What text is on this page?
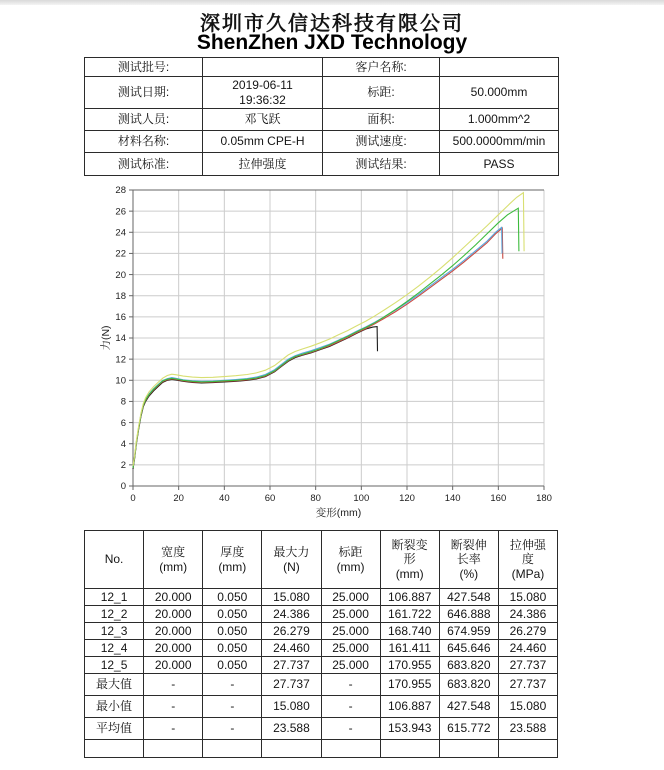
深圳市久信达科技有限公司
ShenZhen JXD Technology
测试批号:		客户名称:	
测试日期:	2019-06-11
19:36:32	标距:	50.000mm
测试人员:	邓飞跃	面积:	1.000mm^2
材料名称:	0.05mm CPE-H	测试速度:	500.0000mm/min
测试标准:	拉伸强度	测试结果:	PASS
0
2
4
6
8
10
12
14
16
18
20
22
24
26
28
0	20	40	60	80	100	120	140	160	180
变形(mm)
力(N)
No.	宽度
(mm)	厚度
(mm)	最大力
(N)	标距
(mm)	断裂变
形
(mm)	断裂伸
长率
(%)	拉伸强
度
(MPa)
12_1	20.000	0.050	15.080	25.000	106.887	427.548	15.080
12_2	20.000	0.050	24.386	25.000	161.722	646.888	24.386
12_3	20.000	0.050	26.279	25.000	168.740	674.959	26.279
12_4	20.000	0.050	24.460	25.000	161.411	645.646	24.460
12_5	20.000	0.050	27.737	25.000	170.955	683.820	27.737
最大值	-	-	27.737	-	170.955	683.820	27.737
最小值	-	-	15.080	-	106.887	427.548	15.080
平均值	-	-	23.588	-	153.943	615.772	23.588
